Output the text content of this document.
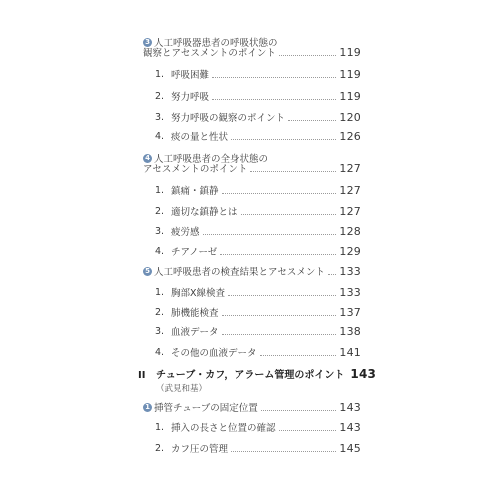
3 人工呼吸器患者の呼吸状態の
観察とアセスメントのポイント	119
1. 呼吸困難	119
2. 努力呼吸	119
3. 努力呼吸の観察のポイント	120
4. 痰の量と性状	126
4 人工呼吸患者の全身状態の
アセスメントのポイント	127
1. 鎮痛・鎮静	127
2. 適切な鎮静とは	127
3. 疲労感	128
4. チアノーゼ	129
5 人工呼吸患者の検査結果とアセスメント 133
1. 胸部X線検査	133
2. 肺機能検査	137
3. 血液データ	138
4. その他の血液データ	141
II チューブ・カフ，アラーム管理のポイント 143
（武見和基）
1 挿管チューブの固定位置	143
1. 挿入の長さと位置の確認	143
2. カフ圧の管理	145
